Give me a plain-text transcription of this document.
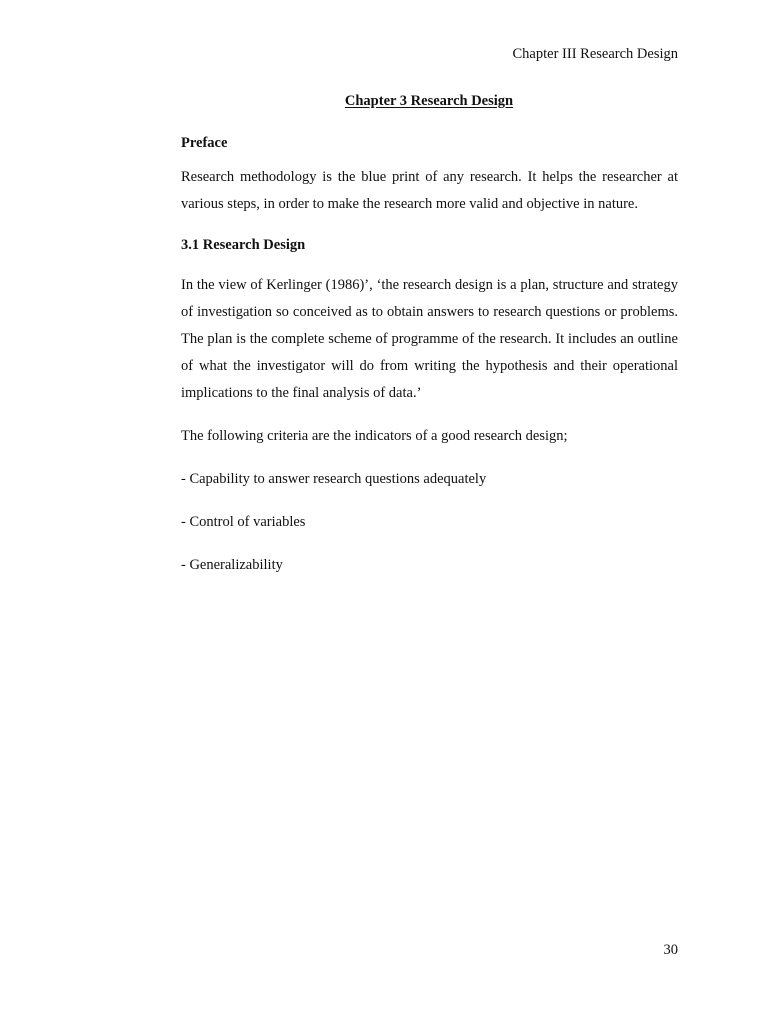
Chapter III Research Design
Chapter 3 Research Design

Preface

Research methodology is the blue print of any research. It helps the researcher at various steps, in order to make the research more valid and objective in nature.

3.1 Research Design

In the view of Kerlinger (1986)’, ‘the research design is a plan, structure and strategy of investigation so conceived as to obtain answers to research questions or problems. The plan is the complete scheme of programme of the research. It includes an outline of what the investigator will do from writing the hypothesis and their operational implications to the final analysis of data.’

The following criteria are the indicators of a good research design;

- Capability to answer research questions adequately

- Control of variables

- Generalizability

30
